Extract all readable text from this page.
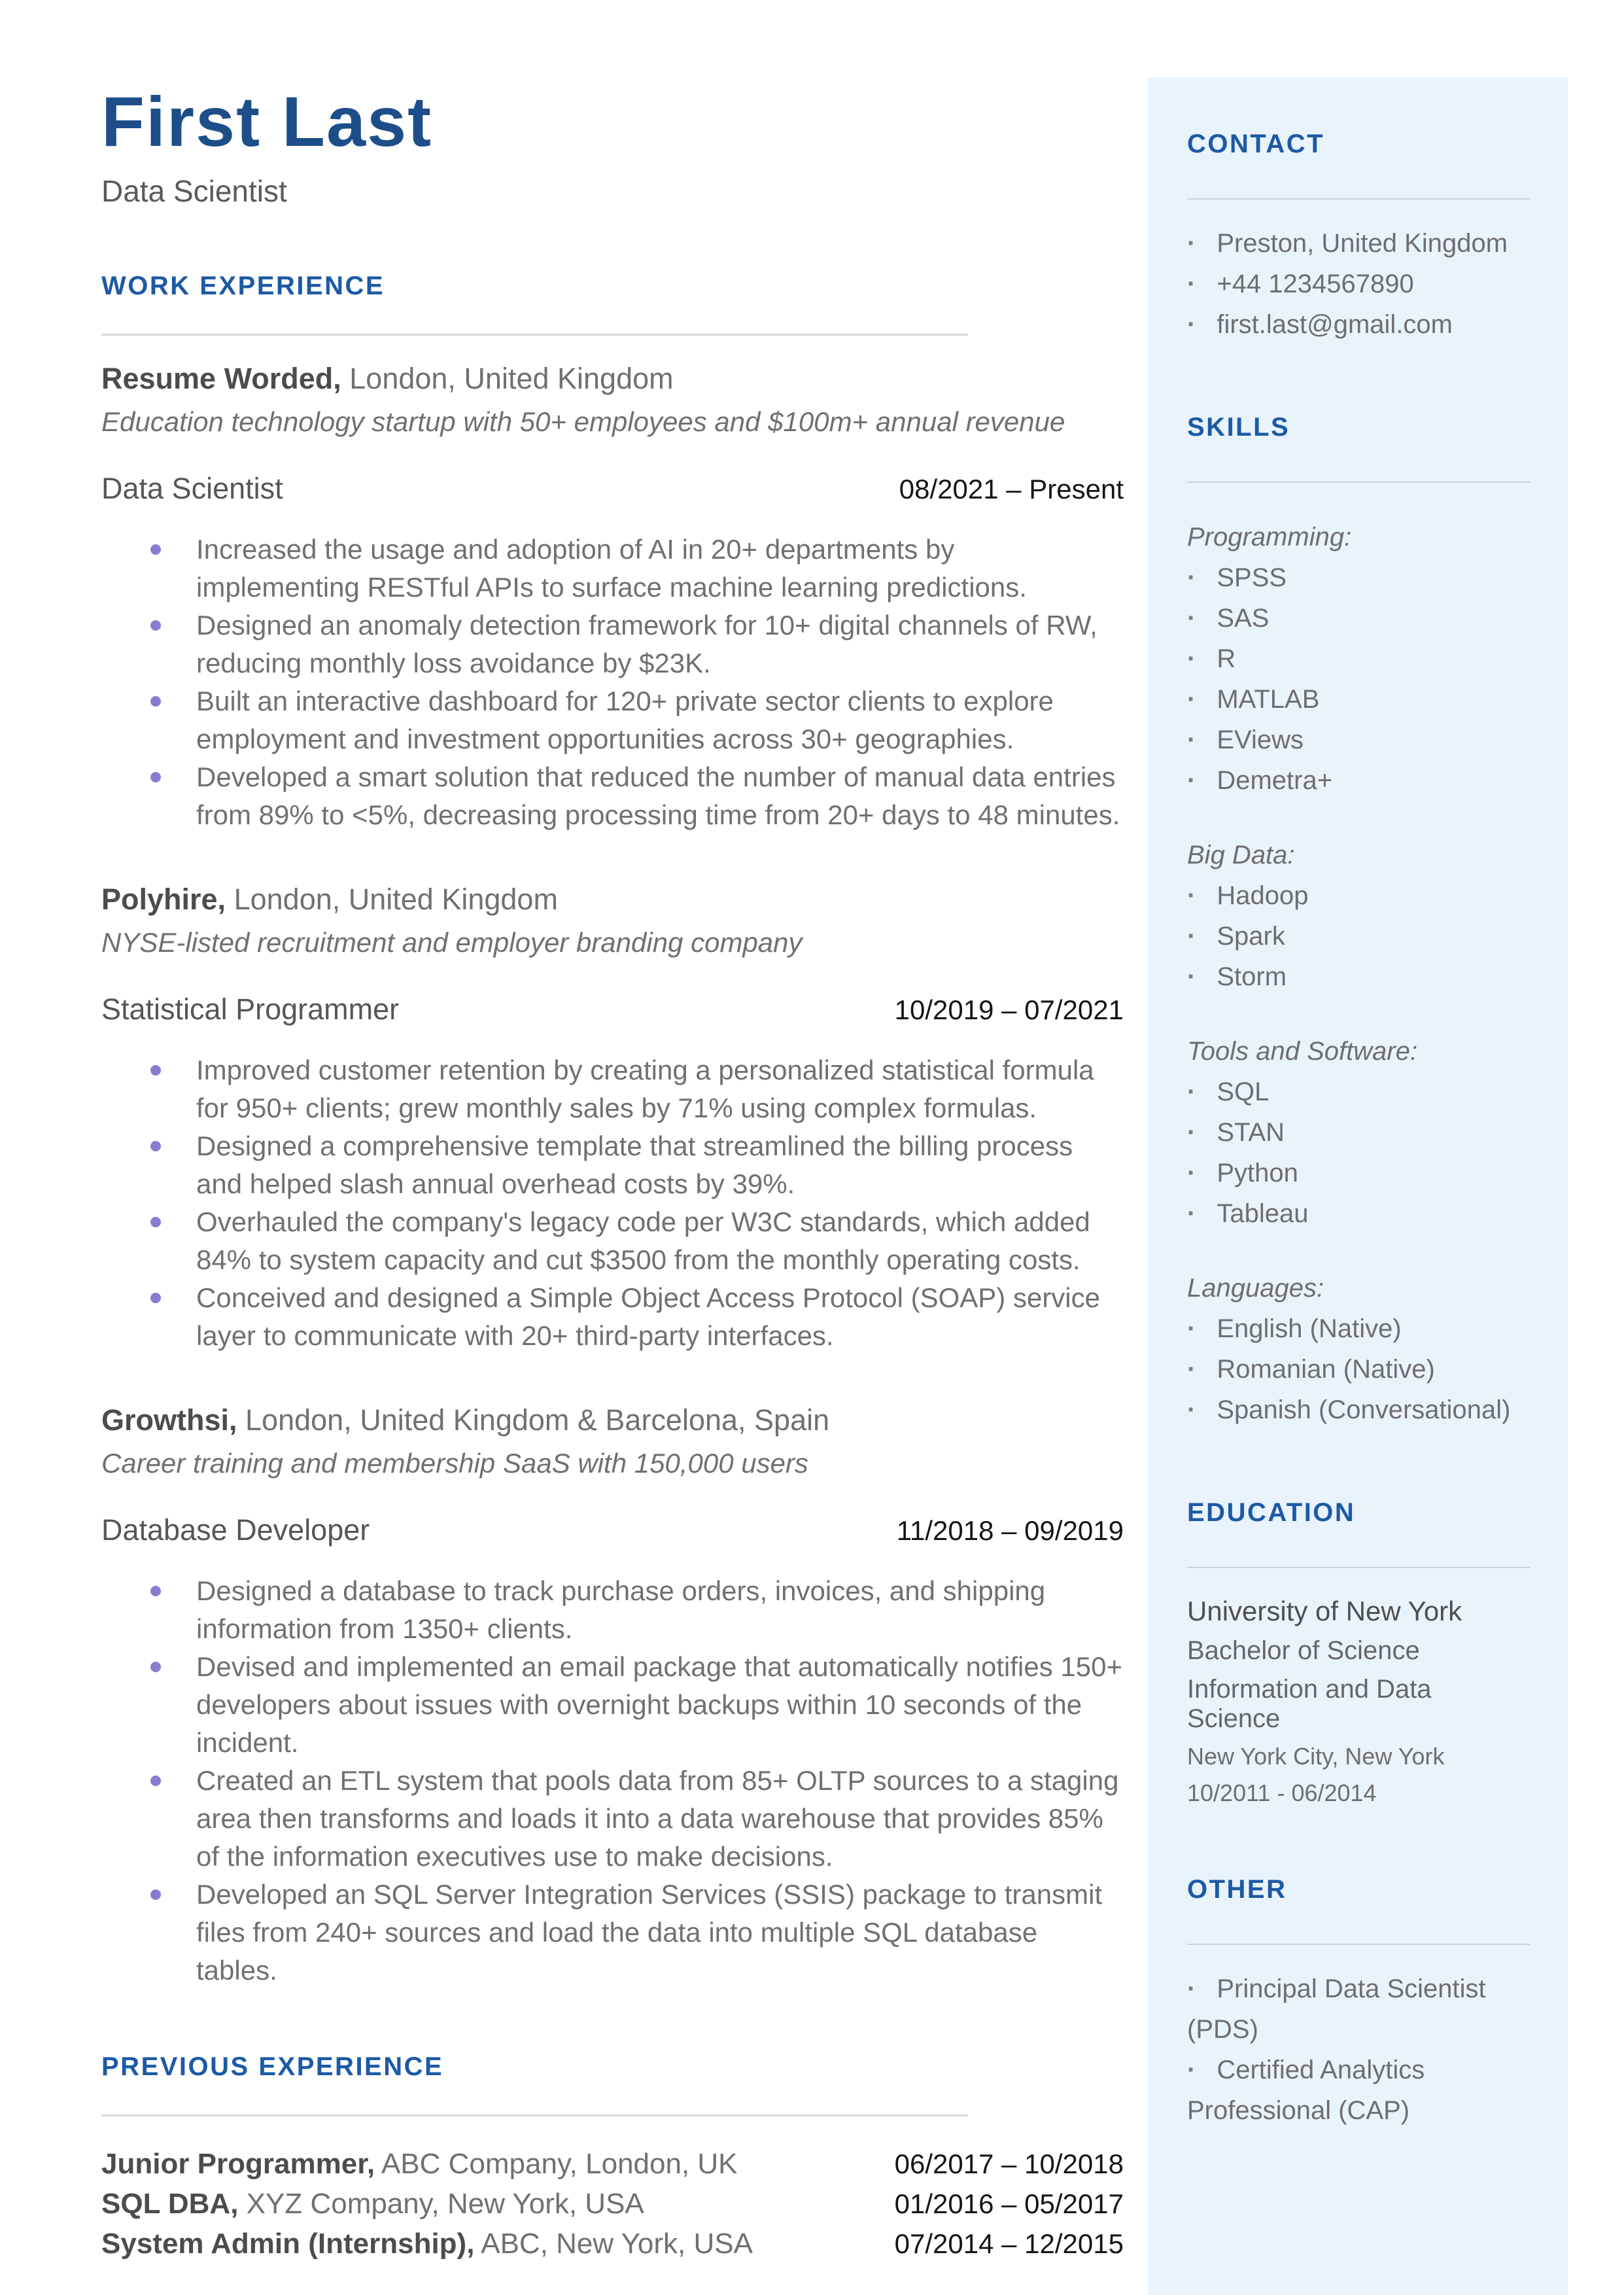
First Last
Data Scientist
WORK EXPERIENCE
Resume Worded, London, United Kingdom
Education technology startup with 50+ employees and $100m+ annual revenue
Data Scientist	08/2021 – Present
Increased the usage and adoption of AI in 20+ departments by implementing RESTful APIs to surface machine learning predictions.
Designed an anomaly detection framework for 10+ digital channels of RW, reducing monthly loss avoidance by $23K.
Built an interactive dashboard for 120+ private sector clients to explore employment and investment opportunities across 30+ geographies.
Developed a smart solution that reduced the number of manual data entries from 89% to <5%, decreasing processing time from 20+ days to 48 minutes.
Polyhire, London, United Kingdom
NYSE-listed recruitment and employer branding company
Statistical Programmer	10/2019 – 07/2021
Improved customer retention by creating a personalized statistical formula for 950+ clients; grew monthly sales by 71% using complex formulas.
Designed a comprehensive template that streamlined the billing process and helped slash annual overhead costs by 39%.
Overhauled the company's legacy code per W3C standards, which added 84% to system capacity and cut $3500 from the monthly operating costs.
Conceived and designed a Simple Object Access Protocol (SOAP) service layer to communicate with 20+ third-party interfaces.
Growthsi, London, United Kingdom & Barcelona, Spain
Career training and membership SaaS with 150,000 users
Database Developer	11/2018 – 09/2019
Designed a database to track purchase orders, invoices, and shipping information from 1350+ clients.
Devised and implemented an email package that automatically notifies 150+ developers about issues with overnight backups within 10 seconds of the incident.
Created an ETL system that pools data from 85+ OLTP sources to a staging area then transforms and loads it into a data warehouse that provides 85% of the information executives use to make decisions.
Developed an SQL Server Integration Services (SSIS) package to transmit files from 240+ sources and load the data into multiple SQL database tables.
PREVIOUS EXPERIENCE
Junior Programmer, ABC Company, London, UK	06/2017 – 10/2018
SQL DBA, XYZ Company, New York, USA	01/2016 – 05/2017
System Admin (Internship), ABC, New York, USA	07/2014 – 12/2015
CONTACT
· Preston, United Kingdom
· +44 1234567890
· first.last@gmail.com
SKILLS
Programming:
· SPSS
· SAS
· R
· MATLAB
· EViews
· Demetra+
Big Data:
· Hadoop
· Spark
· Storm
Tools and Software:
· SQL
· STAN
· Python
· Tableau
Languages:
· English (Native)
· Romanian (Native)
· Spanish (Conversational)
EDUCATION
University of New York
Bachelor of Science
Information and Data Science
New York City, New York
10/2011 - 06/2014
OTHER
· Principal Data Scientist (PDS)
· Certified Analytics Professional (CAP)
